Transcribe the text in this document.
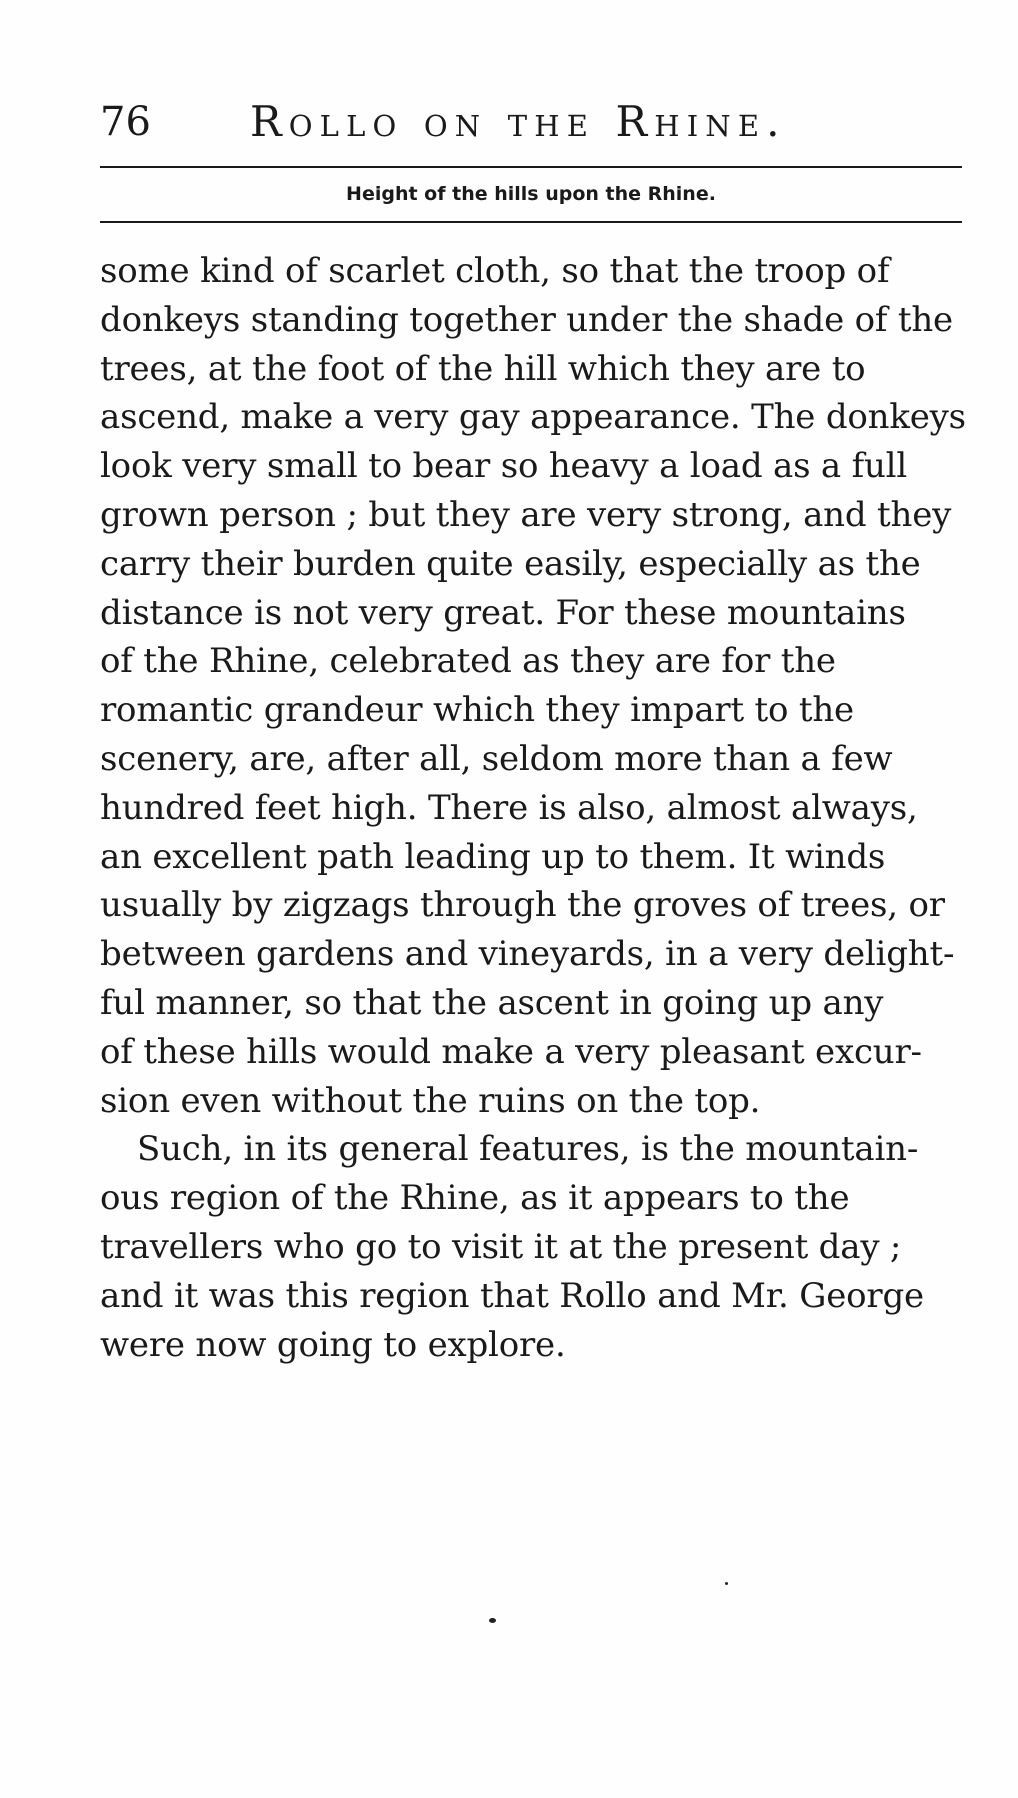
76 Rollo on the Rhine.
Height of the hills upon the Rhine.
some kind of scarlet cloth, so that the troop of
donkeys standing together under the shade of the
trees, at the foot of the hill which they are to
ascend, make a very gay appearance. The donkeys
look very small to bear so heavy a load as a full
grown person ; but they are very strong, and they
carry their burden quite easily, especially as the
distance is not very great. For these mountains
of the Rhine, celebrated as they are for the
romantic grandeur which they impart to the
scenery, are, after all, seldom more than a few
hundred feet high. There is also, almost always,
an excellent path leading up to them. It winds
usually by zigzags through the groves of trees, or
between gardens and vineyards, in a very delight-
ful manner, so that the ascent in going up any
of these hills would make a very pleasant excur-
sion even without the ruins on the top.
Such, in its general features, is the mountain-
ous region of the Rhine, as it appears to the
travellers who go to visit it at the present day ;
and it was this region that Rollo and Mr. George
were now going to explore.
